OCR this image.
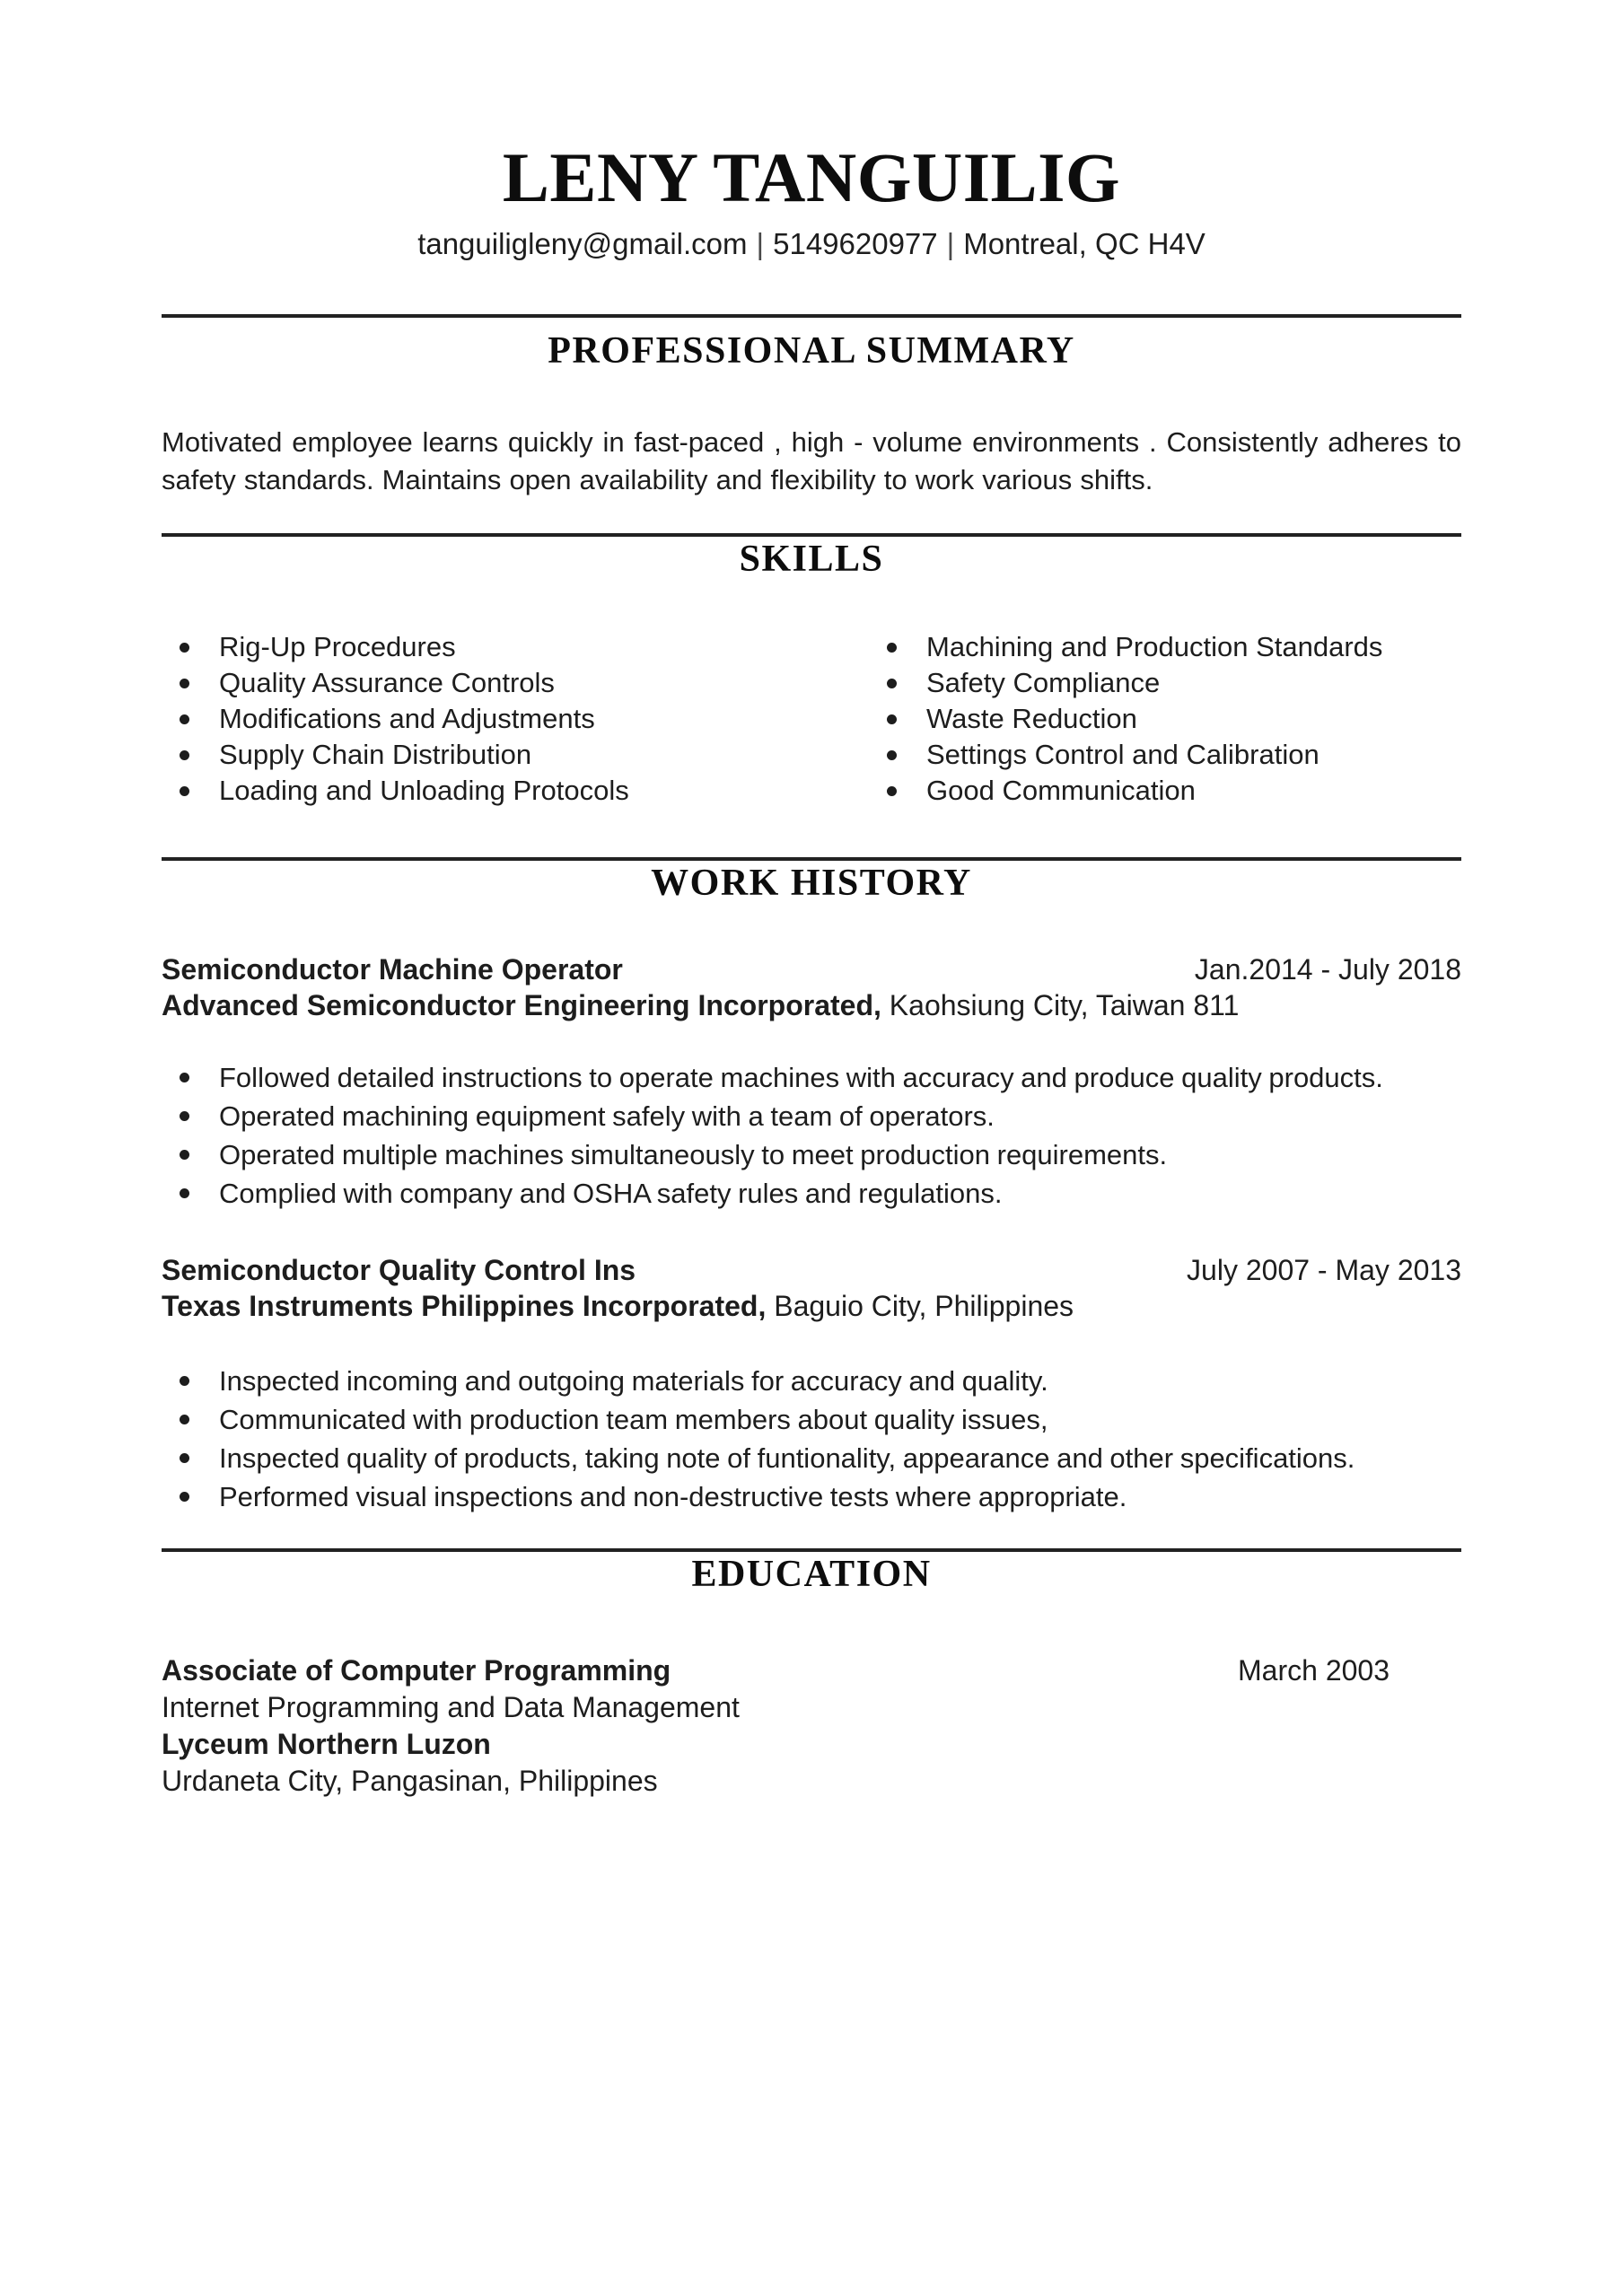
LENY TANGUILIG
tanguiligleny@gmail.com | 5149620977 | Montreal, QC H4V
PROFESSIONAL SUMMARY

Motivated employee learns quickly in fast-paced , high - volume environments . Consistently adheres to safety standards. Maintains open availability and flexibility to work various shifts.

SKILLS
Rig-Up Procedures
Quality Assurance Controls
Modifications and Adjustments
Supply Chain Distribution
Loading and Unloading Protocols
Machining and Production Standards
Safety Compliance
Waste Reduction
Settings Control and Calibration
Good Communication
WORK HISTORY
Semiconductor Machine Operator	Jan.2014 - July 2018
Advanced Semiconductor Engineering Incorporated, Kaohsiung City, Taiwan 811
Followed detailed instructions to operate machines with accuracy and produce quality products.
Operated machining equipment safely with a team of operators.
Operated multiple machines simultaneously to meet production requirements.
Complied with company and OSHA safety rules and regulations.
Semiconductor Quality Control Ins	July 2007 - May 2013
Texas Instruments Philippines Incorporated, Baguio City, Philippines
Inspected incoming and outgoing materials for accuracy and quality.
Communicated with production team members about quality issues,
Inspected quality of products, taking note of funtionality, appearance and other specifications.
Performed visual inspections and non-destructive tests where appropriate.
EDUCATION
Associate of Computer Programming	March 2003
Internet Programming and Data Management
Lyceum Northern Luzon
Urdaneta City, Pangasinan, Philippines
